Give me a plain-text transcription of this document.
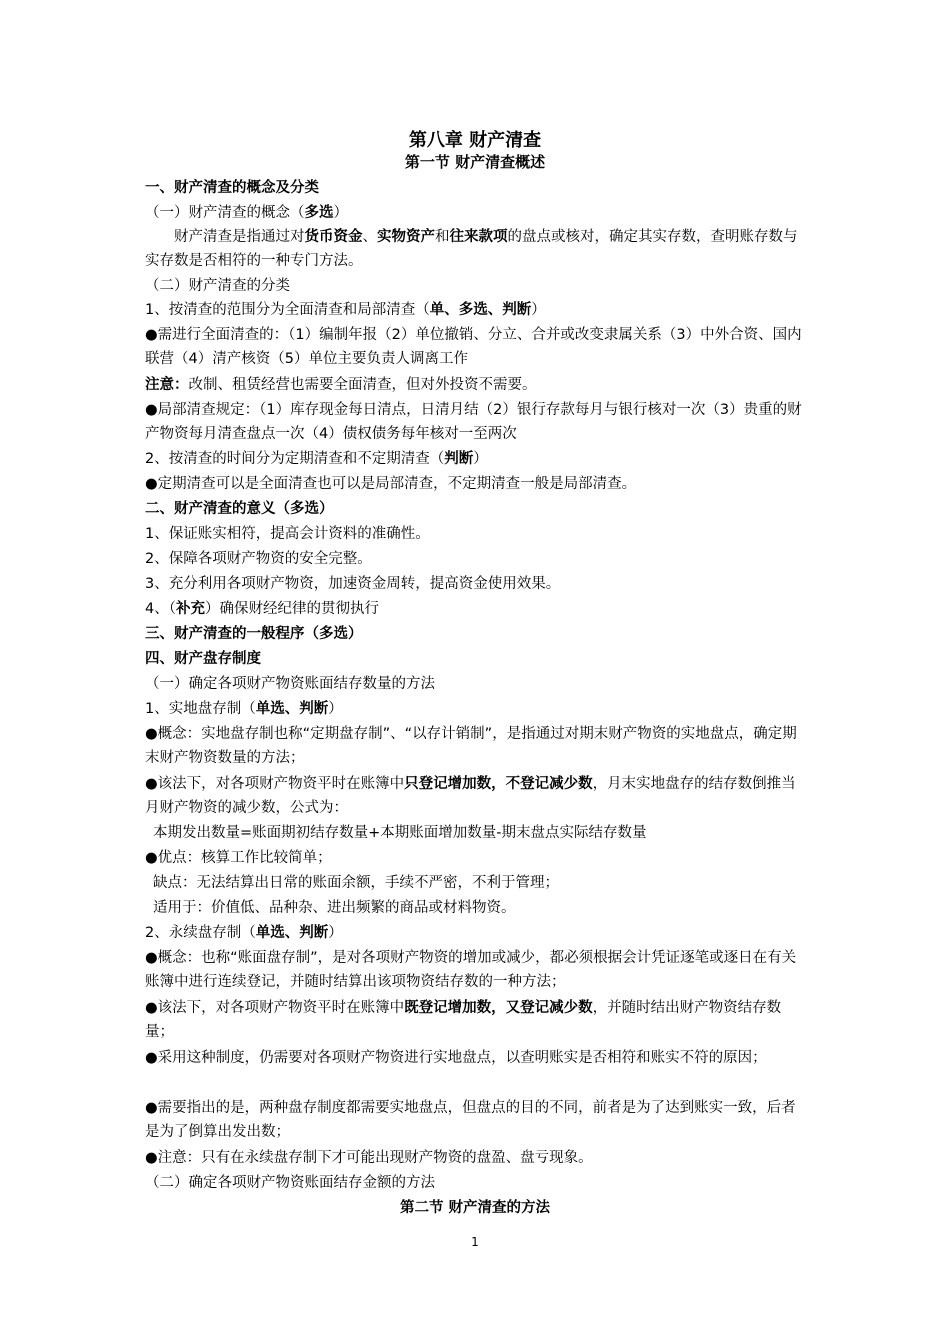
第八章 财产清查
第一节 财产清查概述
一、财产清查的概念及分类
（一）财产清查的概念（多选）
财产清查是指通过对货币资金、实物资产和往来款项的盘点或核对，确定其实存数，查明账存数与实存数是否相符的一种专门方法。
（二）财产清查的分类
1、按清查的范围分为全面清查和局部清查（单、多选、判断）
●需进行全面清查的：（1）编制年报（2）单位撤销、分立、合并或改变隶属关系（3）中外合资、国内联营（4）清产核资（5）单位主要负责人调离工作
注意：改制、租赁经营也需要全面清查，但对外投资不需要。
●局部清查规定：（1）库存现金每日清点，日清月结（2）银行存款每月与银行核对一次（3）贵重的财产物资每月清查盘点一次（4）债权债务每年核对一至两次
2、按清查的时间分为定期清查和不定期清查（判断）
●定期清查可以是全面清查也可以是局部清查，不定期清查一般是局部清查。
二、财产清查的意义（多选）
1、保证账实相符，提高会计资料的准确性。
2、保障各项财产物资的安全完整。
3、充分利用各项财产物资，加速资金周转，提高资金使用效果。
4、（补充）确保财经纪律的贯彻执行
三、财产清查的一般程序（多选）
四、财产盘存制度
（一）确定各项财产物资账面结存数量的方法
1、实地盘存制（单选、判断）
●概念：实地盘存制也称“定期盘存制”、“以存计销制”，是指通过对期末财产物资的实地盘点，确定期末财产物资数量的方法；
●该法下，对各项财产物资平时在账簿中只登记增加数，不登记减少数，月末实地盘存的结存数倒推当月财产物资的减少数，公式为：
本期发出数量=账面期初结存数量+本期账面增加数量-期末盘点实际结存数量
●优点：核算工作比较简单；
缺点：无法结算出日常的账面余额，手续不严密，不利于管理；
适用于：价值低、品种杂、进出频繁的商品或材料物资。
2、永续盘存制（单选、判断）
●概念：也称“账面盘存制”，是对各项财产物资的增加或减少，都必须根据会计凭证逐笔或逐日在有关账簿中进行连续登记，并随时结算出该项物资结存数的一种方法；
●该法下，对各项财产物资平时在账簿中既登记增加数，又登记减少数，并随时结出财产物资结存数量；
●采用这种制度，仍需要对各项财产物资进行实地盘点，以查明账实是否相符和账实不符的原因；
●需要指出的是，两种盘存制度都需要实地盘点，但盘点的目的不同，前者是为了达到账实一致，后者是为了倒算出发出数；
●注意：只有在永续盘存制下才可能出现财产物资的盘盈、盘亏现象。
（二）确定各项财产物资账面结存金额的方法
第二节 财产清查的方法
1
